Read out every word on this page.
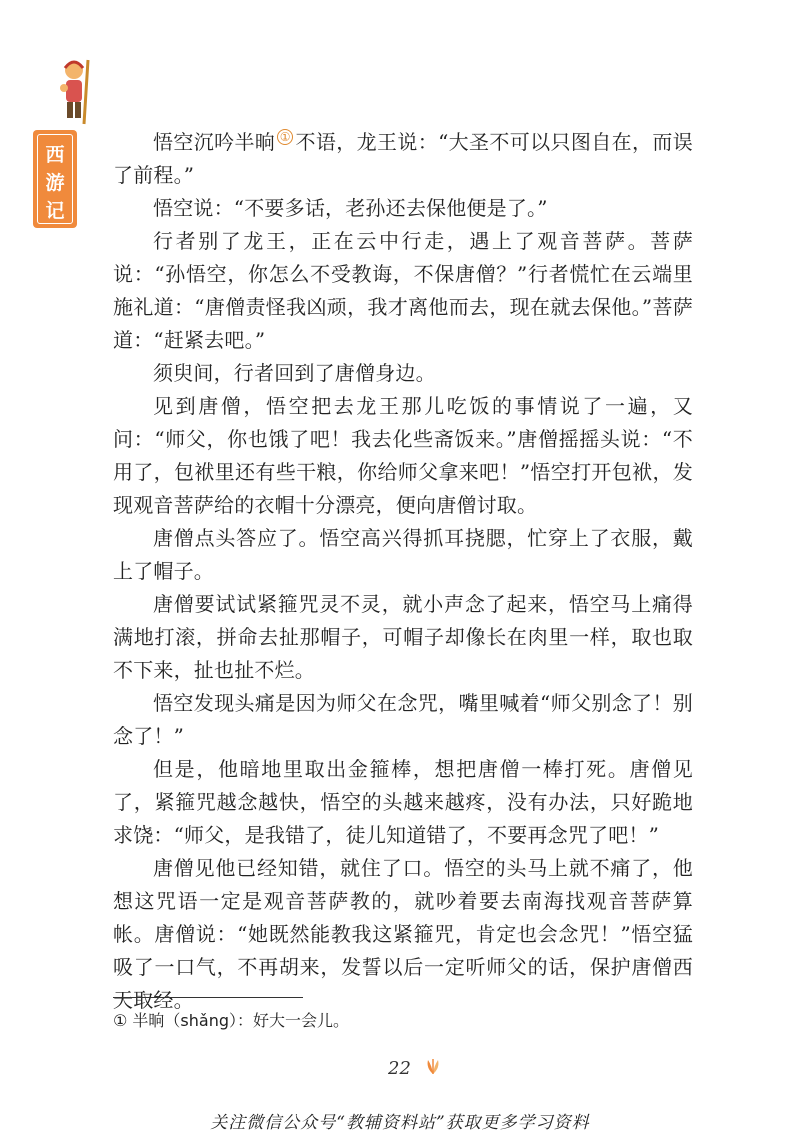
西
游
记

悟空沉吟半晌 ① 不语，龙王说：“大圣不可以只图自在，而误了前程。”

悟空说：“不要多话，老孙还去保他便是了。”

行者别了龙王，正在云中行走，遇上了观音菩萨。菩萨说：“孙悟空，你怎么不受教诲，不保唐僧？”行者慌忙在云端里施礼道：“唐僧责怪我凶顽，我才离他而去，现在就去保他。”菩萨道：“赶紧去吧。”

须臾间，行者回到了唐僧身边。

见到唐僧，悟空把去龙王那儿吃饭的事情说了一遍，又问：“师父，你也饿了吧！我去化些斋饭来。”唐僧摇摇头说：“不用了，包袱里还有些干粮，你给师父拿来吧！”悟空打开包袱，发现观音菩萨给的衣帽十分漂亮，便向唐僧讨取。

唐僧点头答应了。悟空高兴得抓耳挠腮，忙穿上了衣服，戴上了帽子。

唐僧要试试紧箍咒灵不灵，就小声念了起来，悟空马上痛得满地打滚，拼命去扯那帽子，可帽子却像长在肉里一样，取也取不下来，扯也扯不烂。

悟空发现头痛是因为师父在念咒，嘴里喊着“师父别念了！别念了！”

但是，他暗地里取出金箍棒，想把唐僧一棒打死。唐僧见了，紧箍咒越念越快，悟空的头越来越疼，没有办法，只好跪地求饶：“师父，是我错了，徒儿知道错了，不要再念咒了吧！”

唐僧见他已经知错，就住了口。悟空的头马上就不痛了，他想这咒语一定是观音菩萨教的，就吵着要去南海找观音菩萨算帐。唐僧说：“她既然能教我这紧箍咒，肯定也会念咒！”悟空猛吸了一口气，不再胡来，发誓以后一定听师父的话，保护唐僧西天取经。

① 半晌（shǎng）：好大一会儿。
22
关注微信公众号“教辅资料站”获取更多学习资料
